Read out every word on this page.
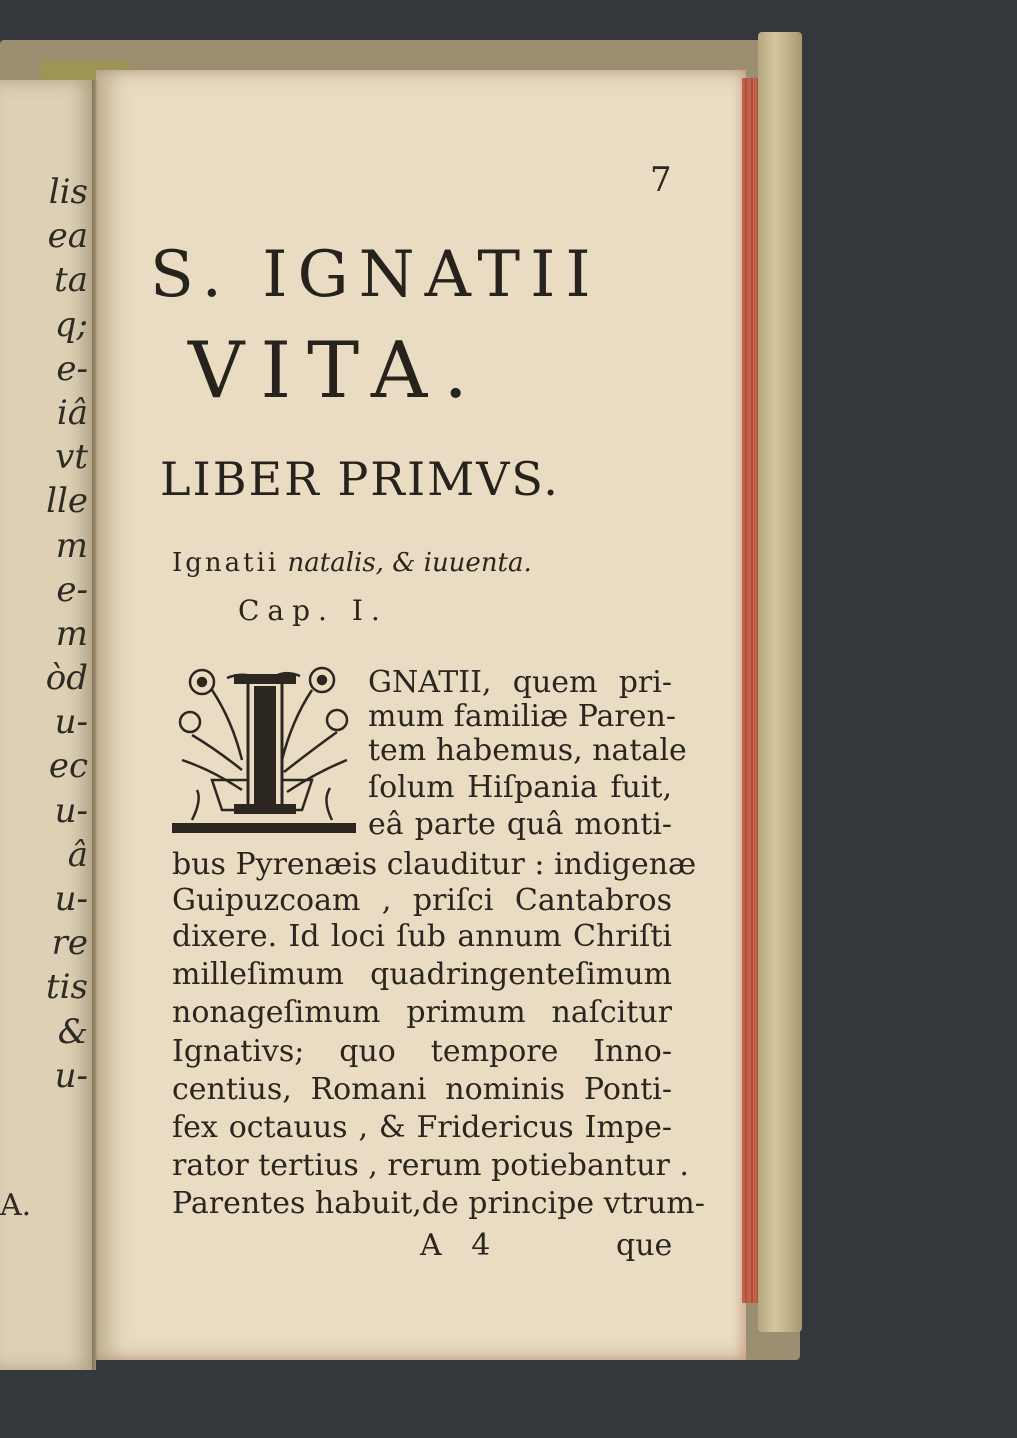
lis
ea
ta
q;
e-
iâ
vt
lle
m
e-
m
òd
u-
ec
u-
â
u-
re
tis
&
u-
A.
7
S. IGNATII
VITA.
LIBER PRIMVS.
Ignatii natalis, & iuuenta.
Cap. I.
GNATII, quem pri-
mum familiæ Paren-
tem habemus, natale
ſolum Hiſpania fuit,
eâ parte quâ monti-
bus Pyrenæis clauditur : indigenæ
Guipuzcoam , priſci Cantabros
dixere. Id loci ſub annum Chriſti
milleſimum quadringenteſimum
nonageſimum primum naſcitur
Ignativs; quo tempore Inno-
centius, Romani nominis Ponti-
fex octauus , & Fridericus Impe-
rator tertius , rerum potiebantur .
Parentes habuit,de principe vtrum-
A 4	que
